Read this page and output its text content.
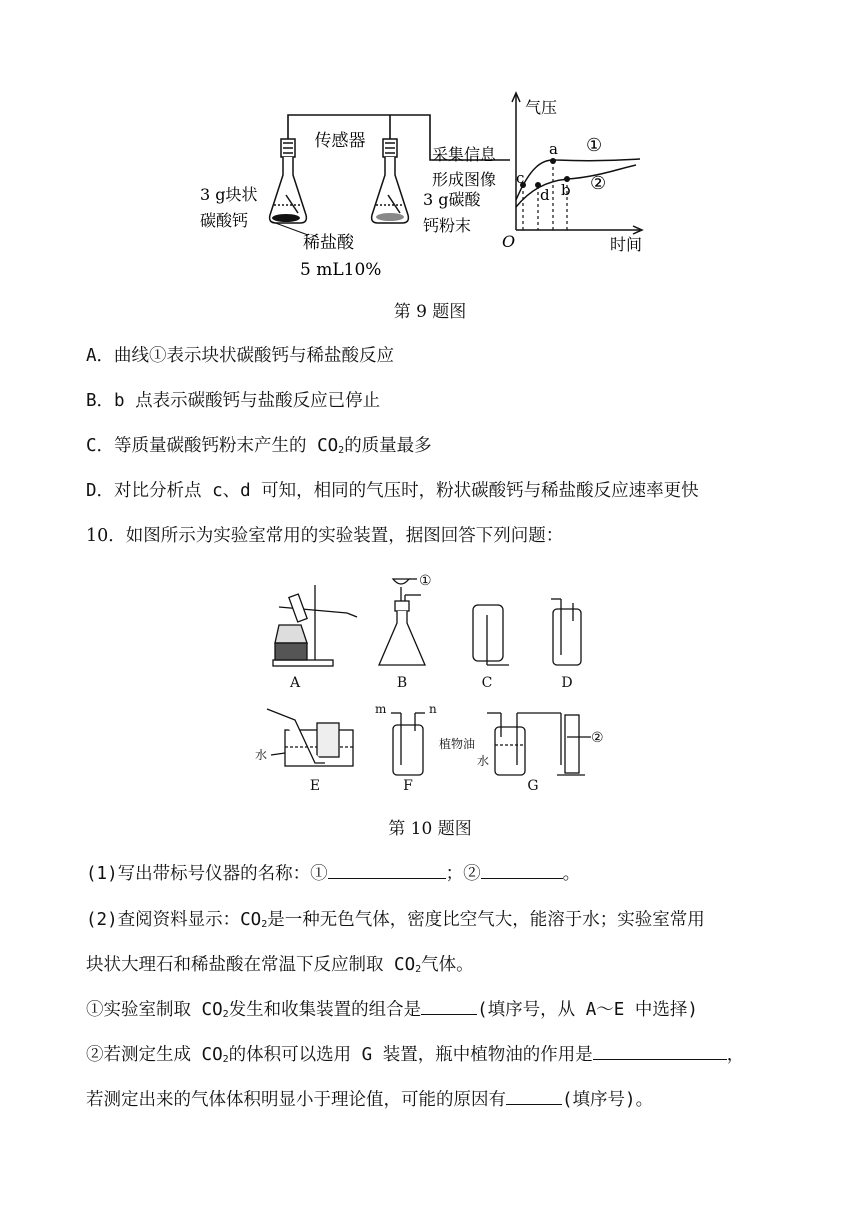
传感器
3 g块状
碳酸钙
稀盐酸
5 mL10%
3 g碳酸
钙粉末
采集信息
形成图像
气压
时间
O
①
②
a
b
c
d
第 9 题图
A．曲线①表示块状碳酸钙与稀盐酸反应
B．b 点表示碳酸钙与盐酸反应已停止
C．等质量碳酸钙粉末产生的 $CO_2$的质量最多
D．对比分析点 c、d 可知，相同的气压时，粉状碳酸钙与稀盐酸反应速率更快
10．如图所示为实验室常用的实验装置，据图回答下列问题：
A
①
B	C	D
水
E
m	n
F
②
植物油
水
G
第 10 题图
(1)写出带标号仪器的名称：①	；②	。
(2)查阅资料显示：$CO_2$是一种无色气体，密度比空气大，能溶于水；实验室常用
块状大理石和稀盐酸在常温下反应制取 $CO_2$气体。
①实验室制取 $CO_2$发生和收集装置的组合是	(填序号，从 A～E 中选择)
②若测定生成 $CO_2$的体积可以选用 G 装置，瓶中植物油的作用是	，
若测定出来的气体体积明显小于理论值，可能的原因有	(填序号)。
